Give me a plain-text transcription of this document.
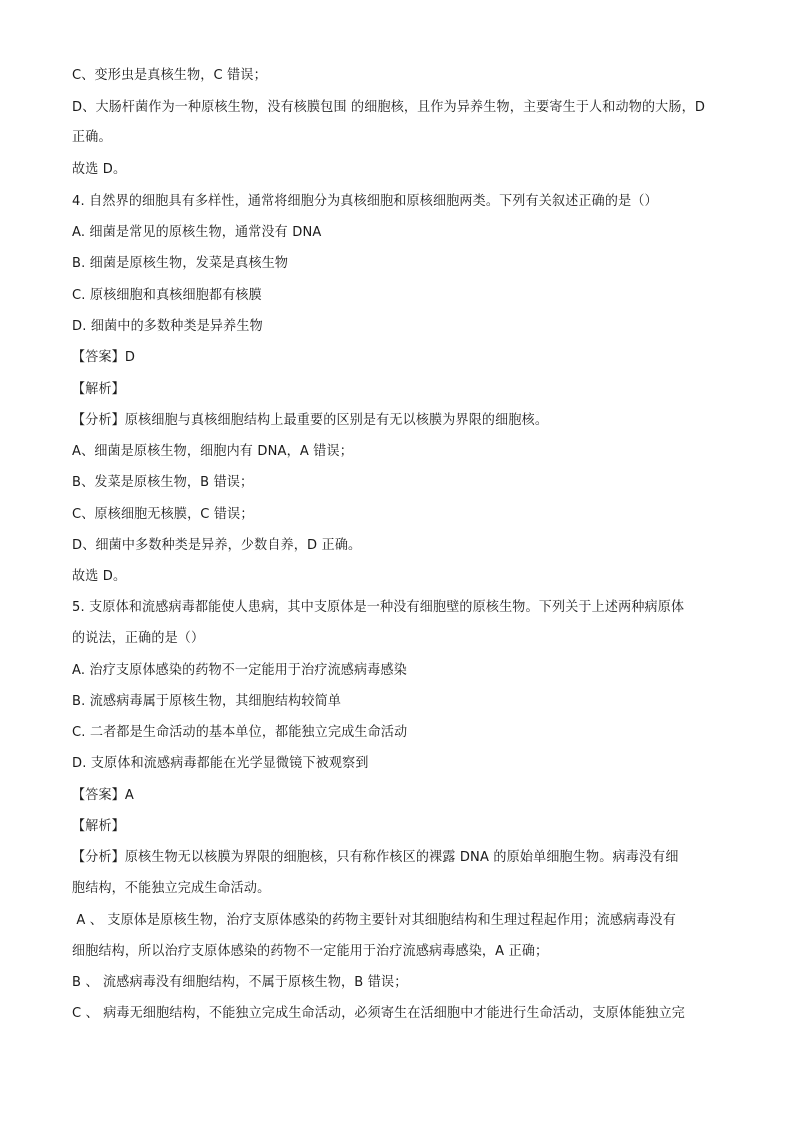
C、变形虫是真核生物，C 错误；
D、大肠杆菌作为一种原核生物，没有核膜包围 的细胞核，且作为异养生物，主要寄生于人和动物的大肠，D
正确。
故选 D。
4. 自然界的细胞具有多样性，通常将细胞分为真核细胞和原核细胞两类。下列有关叙述正确的是（）
A. 细菌是常见的原核生物，通常没有 DNA
B. 细菌是原核生物，发菜是真核生物
C. 原核细胞和真核细胞都有核膜
D. 细菌中的多数种类是异养生物
【答案】D
【解析】
【分析】原核细胞与真核细胞结构上最重要的区别是有无以核膜为界限的细胞核。
A、细菌是原核生物，细胞内有 DNA，A 错误；
B、发菜是原核生物，B 错误；
C、原核细胞无核膜，C 错误；
D、细菌中多数种类是异养，少数自养，D 正确。
故选 D。
5. 支原体和流感病毒都能使人患病，其中支原体是一种没有细胞壁的原核生物。下列关于上述两种病原体
的说法，正确的是（）
A. 治疗支原体感染的药物不一定能用于治疗流感病毒感染
B. 流感病毒属于原核生物，其细胞结构较简单
C. 二者都是生命活动的基本单位，都能独立完成生命活动
D. 支原体和流感病毒都能在光学显微镜下被观察到
【答案】A
【解析】
【分析】原核生物无以核膜为界限的细胞核，只有称作核区的裸露 DNA 的原始单细胞生物。病毒没有细
胞结构，不能独立完成生命活动。
A 、 支原体是原核生物，治疗支原体感染的药物主要针对其细胞结构和生理过程起作用；流感病毒没有
细胞结构，所以治疗支原体感染的药物不一定能用于治疗流感病毒感染，A 正确；
B 、 流感病毒没有细胞结构，不属于原核生物，B 错误；
C 、 病毒无细胞结构，不能独立完成生命活动，必须寄生在活细胞中才能进行生命活动，支原体能独立完
